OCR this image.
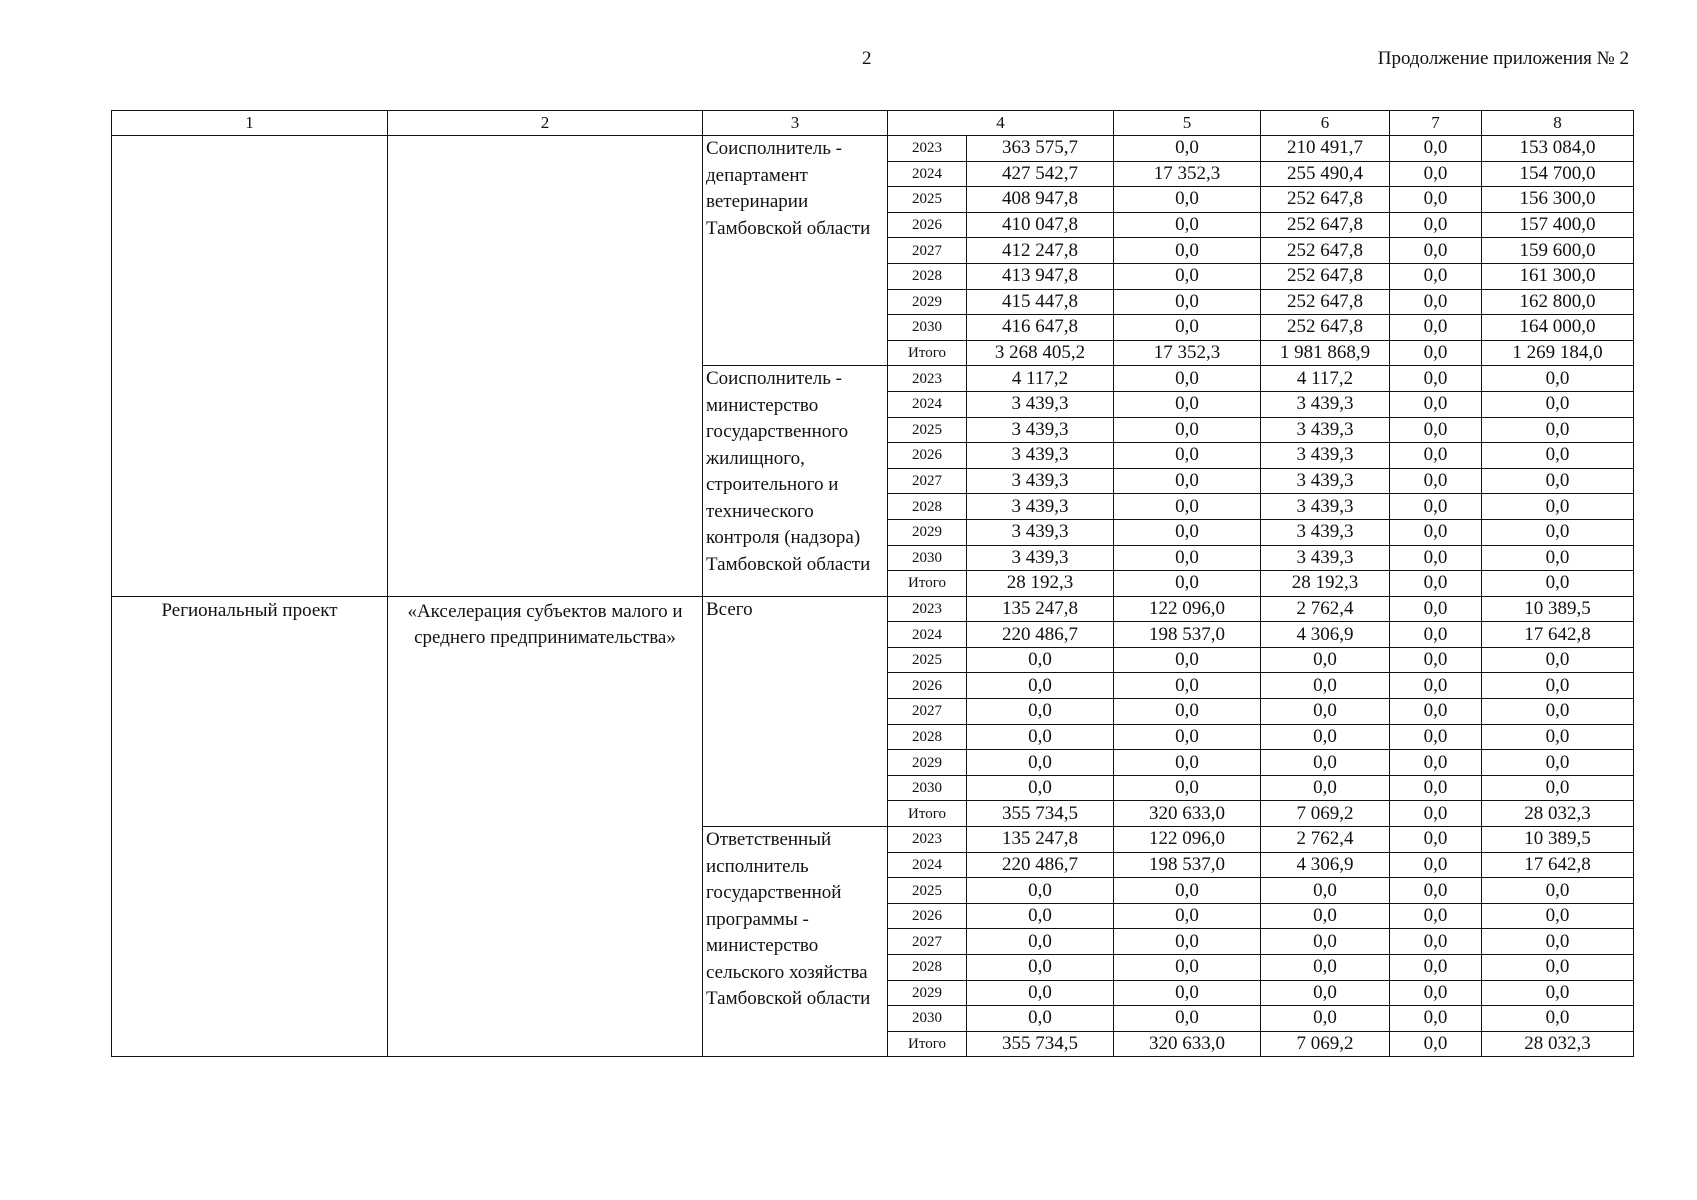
2	Продолжение приложения № 2
1	2	3	4		5	6	7	8
		Соисполнитель - департамент ветеринарии Тамбовской области	2023	363 575,7	0,0	210 491,7	0,0	153 084,0
			2024	427 542,7	17 352,3	255 490,4	0,0	154 700,0
			2025	408 947,8	0,0	252 647,8	0,0	156 300,0
			2026	410 047,8	0,0	252 647,8	0,0	157 400,0
			2027	412 247,8	0,0	252 647,8	0,0	159 600,0
			2028	413 947,8	0,0	252 647,8	0,0	161 300,0
			2029	415 447,8	0,0	252 647,8	0,0	162 800,0
			2030	416 647,8	0,0	252 647,8	0,0	164 000,0
			Итого	3 268 405,2	17 352,3	1 981 868,9	0,0	1 269 184,0
		Соисполнитель - министерство государственного жилищного, строительного и технического контроля (надзора) Тамбовской области	2023	4 117,2	0,0	4 117,2	0,0	0,0
			2024	3 439,3	0,0	3 439,3	0,0	0,0
			2025	3 439,3	0,0	3 439,3	0,0	0,0
			2026	3 439,3	0,0	3 439,3	0,0	0,0
			2027	3 439,3	0,0	3 439,3	0,0	0,0
			2028	3 439,3	0,0	3 439,3	0,0	0,0
			2029	3 439,3	0,0	3 439,3	0,0	0,0
			2030	3 439,3	0,0	3 439,3	0,0	0,0
			Итого	28 192,3	0,0	28 192,3	0,0	0,0
Региональный проект	«Акселерация субъектов малого и среднего предпринимательства»	Всего	2023	135 247,8	122 096,0	2 762,4	0,0	10 389,5
			2024	220 486,7	198 537,0	4 306,9	0,0	17 642,8
			2025	0,0	0,0	0,0	0,0	0,0
			2026	0,0	0,0	0,0	0,0	0,0
			2027	0,0	0,0	0,0	0,0	0,0
			2028	0,0	0,0	0,0	0,0	0,0
			2029	0,0	0,0	0,0	0,0	0,0
			2030	0,0	0,0	0,0	0,0	0,0
			Итого	355 734,5	320 633,0	7 069,2	0,0	28 032,3
		Ответственный исполнитель государственной программы - министерство сельского хозяйства Тамбовской области	2023	135 247,8	122 096,0	2 762,4	0,0	10 389,5
			2024	220 486,7	198 537,0	4 306,9	0,0	17 642,8
			2025	0,0	0,0	0,0	0,0	0,0
			2026	0,0	0,0	0,0	0,0	0,0
			2027	0,0	0,0	0,0	0,0	0,0
			2028	0,0	0,0	0,0	0,0	0,0
			2029	0,0	0,0	0,0	0,0	0,0
			2030	0,0	0,0	0,0	0,0	0,0
			Итого	355 734,5	320 633,0	7 069,2	0,0	28 032,3
